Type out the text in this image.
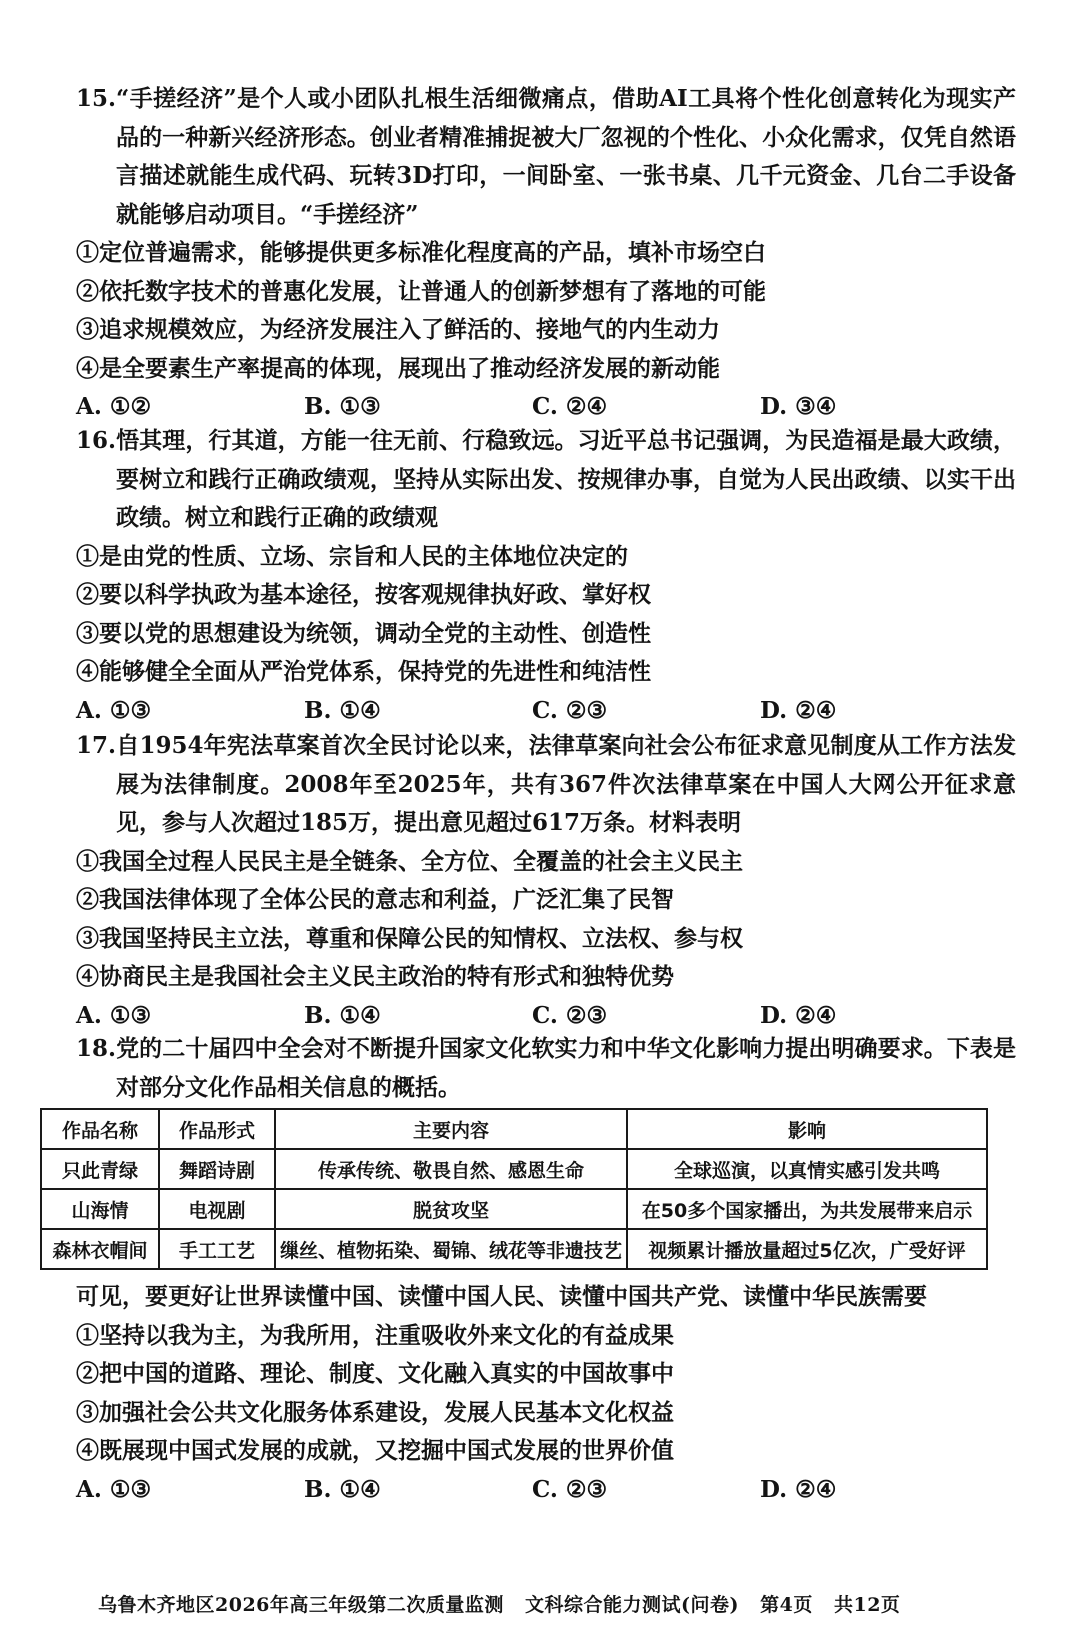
15.“手搓经济”是个人或小团队扎根生活细微痛点，借助AI工具将个性化创意转化为现实产品的一种新兴经济形态。创业者精准捕捉被大厂忽视的个性化、小众化需求，仅凭自然语言描述就能生成代码、玩转3D打印，一间卧室、一张书桌、几千元资金、几台二手设备就能够启动项目。“手搓经济”

①定位普遍需求，能够提供更多标准化程度高的产品，填补市场空白

②依托数字技术的普惠化发展，让普通人的创新梦想有了落地的可能

③追求规模效应，为经济发展注入了鲜活的、接地气的内生动力

④是全要素生产率提高的体现，展现出了推动经济发展的新动能

A. ①②	B. ①③	C. ②④	D. ③④

16.悟其理，行其道，方能一往无前、行稳致远。习近平总书记强调，为民造福是最大政绩，要树立和践行正确政绩观，坚持从实际出发、按规律办事，自觉为人民出政绩、以实干出政绩。树立和践行正确的政绩观

①是由党的性质、立场、宗旨和人民的主体地位决定的

②要以科学执政为基本途径，按客观规律执好政、掌好权

③要以党的思想建设为统领，调动全党的主动性、创造性

④能够健全全面从严治党体系，保持党的先进性和纯洁性

A. ①③	B. ①④	C. ②③	D. ②④

17.自1954年宪法草案首次全民讨论以来，法律草案向社会公布征求意见制度从工作方法发展为法律制度。2008年至2025年，共有367件次法律草案在中国人大网公开征求意见，参与人次超过185万，提出意见超过617万条。材料表明

①我国全过程人民民主是全链条、全方位、全覆盖的社会主义民主

②我国法律体现了全体公民的意志和利益，广泛汇集了民智

③我国坚持民主立法，尊重和保障公民的知情权、立法权、参与权

④协商民主是我国社会主义民主政治的特有形式和独特优势

A. ①③	B. ①④	C. ②③	D. ②④

18.党的二十届四中全会对不断提升国家文化软实力和中华文化影响力提出明确要求。下表是对部分文化作品相关信息的概括。

作品名称	作品形式	主要内容	影响
只此青绿	舞蹈诗剧	传承传统、敬畏自然、感恩生命	全球巡演，以真情实感引发共鸣
山海情	电视剧	脱贫攻坚	在50多个国家播出，为共发展带来启示
森林衣帽间	手工工艺	缫丝、植物拓染、蜀锦、绒花等非遗技艺	视频累计播放量超过5亿次，广受好评

可见，要更好让世界读懂中国、读懂中国人民、读懂中国共产党、读懂中华民族需要

①坚持以我为主，为我所用，注重吸收外来文化的有益成果

②把中国的道路、理论、制度、文化融入真实的中国故事中

③加强社会公共文化服务体系建设，发展人民基本文化权益

④既展现中国式发展的成就，又挖掘中国式发展的世界价值

A. ①③	B. ①④	C. ②③	D. ②④
乌鲁木齐地区2026年高三年级第二次质量监测 文科综合能力测试(问卷) 第4页 共12页
